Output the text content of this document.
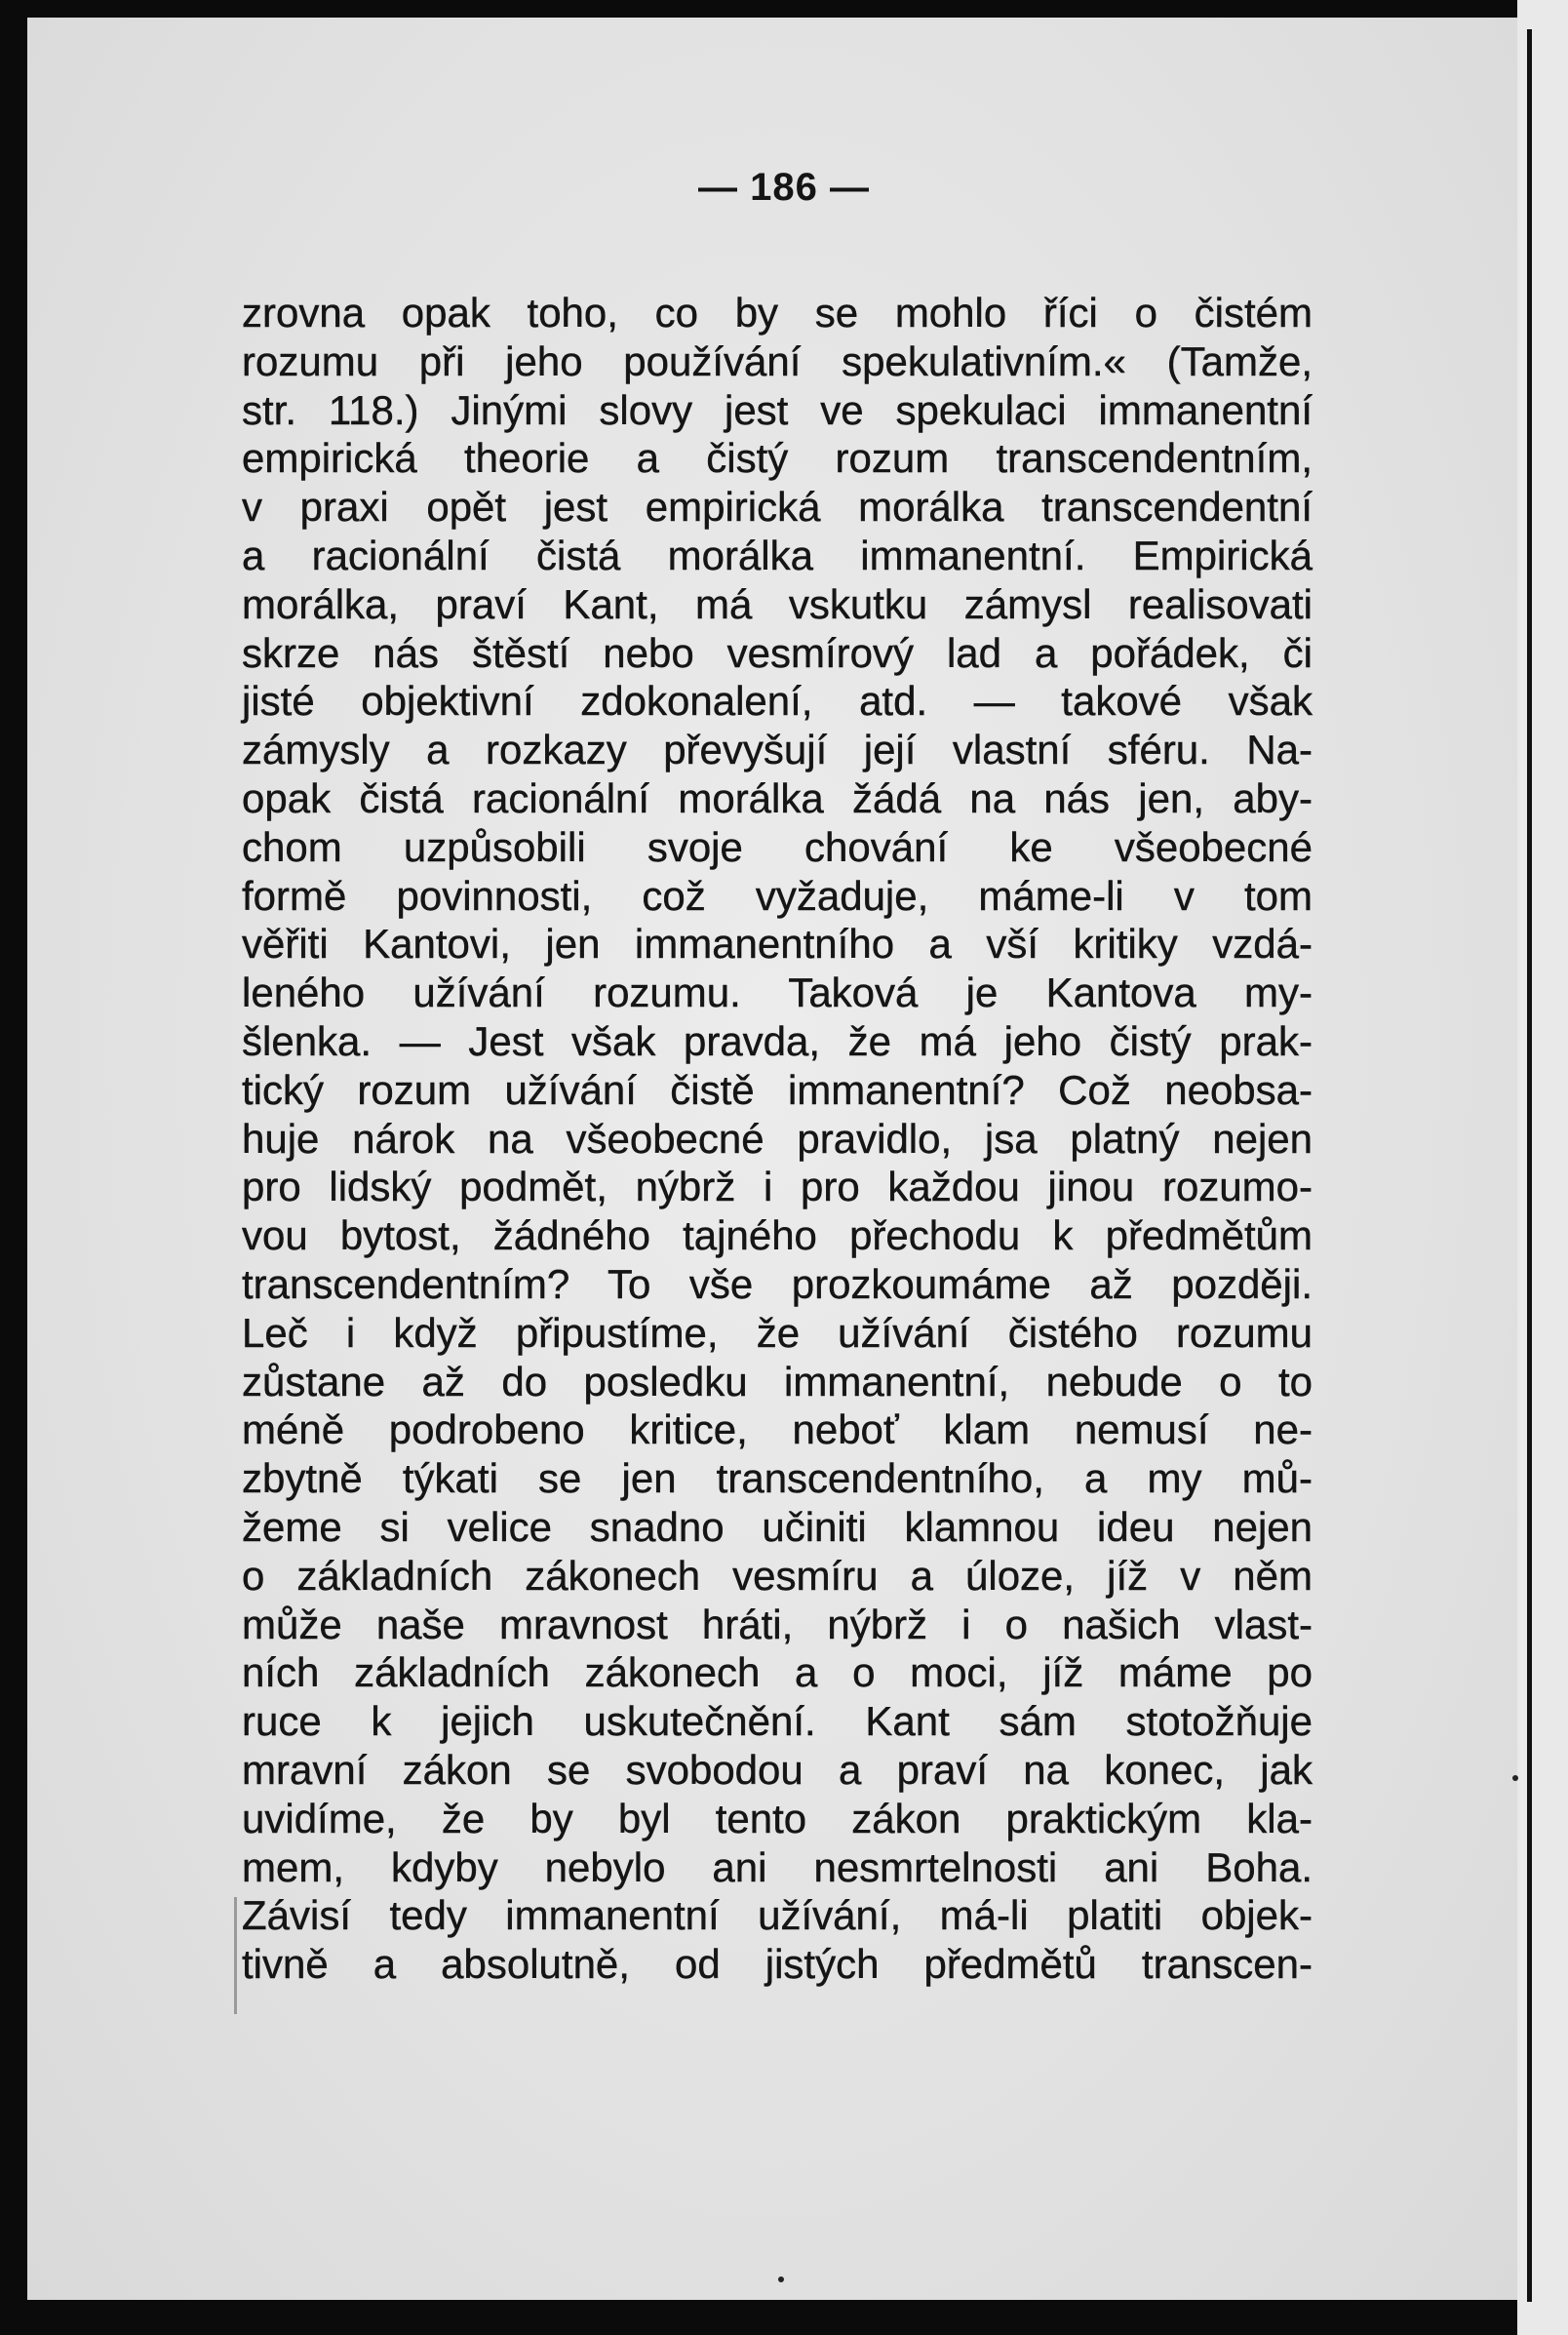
— 186 —
zrovna opak toho, co by se mohlo říci o čistém
rozumu při jeho používání spekulativním.« (Tamže,
str. 118.) Jinými slovy jest ve spekulaci immanentní
empirická theorie a čistý rozum transcendentním,
v praxi opět jest empirická morálka transcendentní
a racionální čistá morálka immanentní. Empirická
morálka, praví Kant, má vskutku zámysl realisovati
skrze nás štěstí nebo vesmírový lad a pořádek, či
jisté objektivní zdokonalení, atd. — takové však
zámysly a rozkazy převyšují její vlastní sféru. Na-
opak čistá racionální morálka žádá na nás jen, aby-
chom uzpůsobili svoje chování ke všeobecné
formě povinnosti, což vyžaduje, máme-li v tom
věřiti Kantovi, jen immanentního a vší kritiky vzdá-
leného užívání rozumu. Taková je Kantova my-
šlenka. — Jest však pravda, že má jeho čistý prak-
tický rozum užívání čistě immanentní? Což neobsa-
huje nárok na všeobecné pravidlo, jsa platný nejen
pro lidský podmět, nýbrž i pro každou jinou rozumo-
vou bytost, žádného tajného přechodu k předmětům
transcendentním? To vše prozkoumáme až později.
Leč i když připustíme, že užívání čistého rozumu
zůstane až do posledku immanentní, nebude o to
méně podrobeno kritice, neboť klam nemusí ne-
zbytně týkati se jen transcendentního, a my mů-
žeme si velice snadno učiniti klamnou ideu nejen
o základních zákonech vesmíru a úloze, jíž v něm
může naše mravnost hráti, nýbrž i o našich vlast-
ních základních zákonech a o moci, jíž máme po
ruce k jejich uskutečnění. Kant sám stotožňuje
mravní zákon se svobodou a praví na konec, jak
uvidíme, že by byl tento zákon praktickým kla-
mem, kdyby nebylo ani nesmrtelnosti ani Boha.
Závisí tedy immanentní užívání, má-li platiti objek-
tivně a absolutně, od jistých předmětů transcen-
